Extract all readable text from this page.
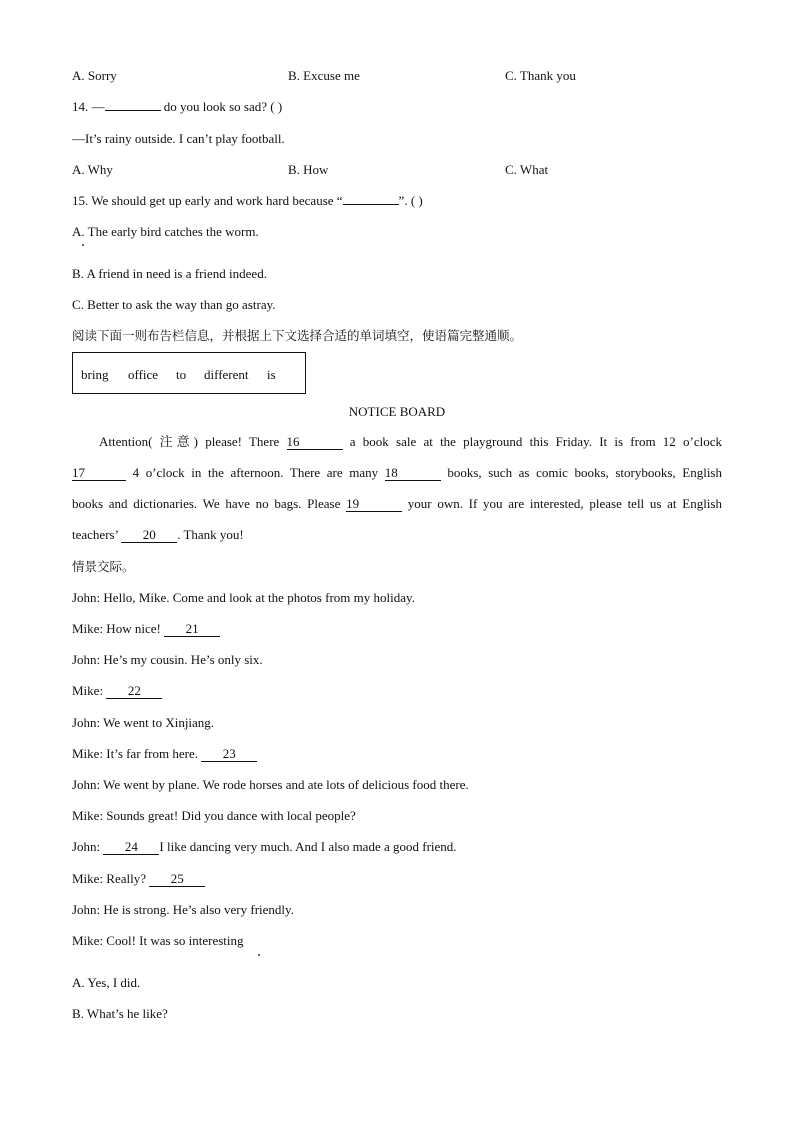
A. Sorry	B. Excuse me	C. Thank you
14. —	do you look so sad? ( )
—It’s rainy outside. I can’t play football.
A. Why	B. How	C. What
15. We should get up early and work hard because “	”. ( )
A. The early bird catches the worm.
B. A friend in need is a friend indeed.
C. Better to ask the way than go astray.
阅读下面一则布告栏信息，并根据上下文选择合适的单词填空，使语篇完整通顺。
bring office to different is
NOTICE BOARD
Attention( 注意) please! There 16	a book sale at the playground this Friday. It is from 12 o’clock
17	4 o’clock in the afternoon. There are many 18	books, such as comic books, storybooks, English
books and dictionaries. We have no bags. Please 19	your own. If you are interested, please tell us at English
teachers’ 20 . Thank you!
情景交际。
John: Hello, Mike. Come and look at the photos from my holiday.
Mike: How nice! 21
John: He’s my cousin. He’s only six.
Mike: 22
John: We went to Xinjiang.
Mike: It’s far from here. 23
John: We went by plane. We rode horses and ate lots of delicious food there.
Mike: Sounds great! Did you dance with local people?
John: 24 I like dancing very much. And I also made a good friend.
Mike: Really? 25
John: He is strong. He’s also very friendly.
Mike: Cool! It was so interesting
A. Yes, I did.
B. What’s he like?
